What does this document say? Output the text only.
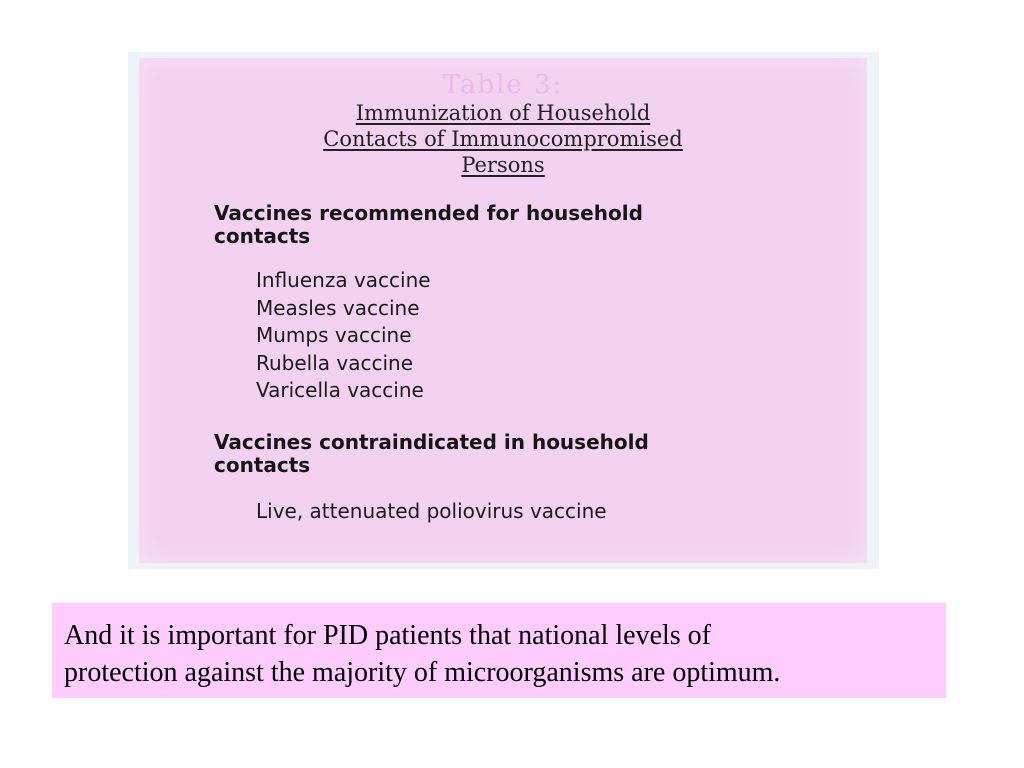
Table 3:
Immunization of Household
Contacts of Immunocompromised
Persons
Vaccines recommended for household
contacts
Influenza vaccine
Measles vaccine
Mumps vaccine
Rubella vaccine
Varicella vaccine
Vaccines contraindicated in household
contacts
Live, attenuated poliovirus vaccine

And it is important for PID patients that national levels of
protection against the majority of microorganisms are optimum.
